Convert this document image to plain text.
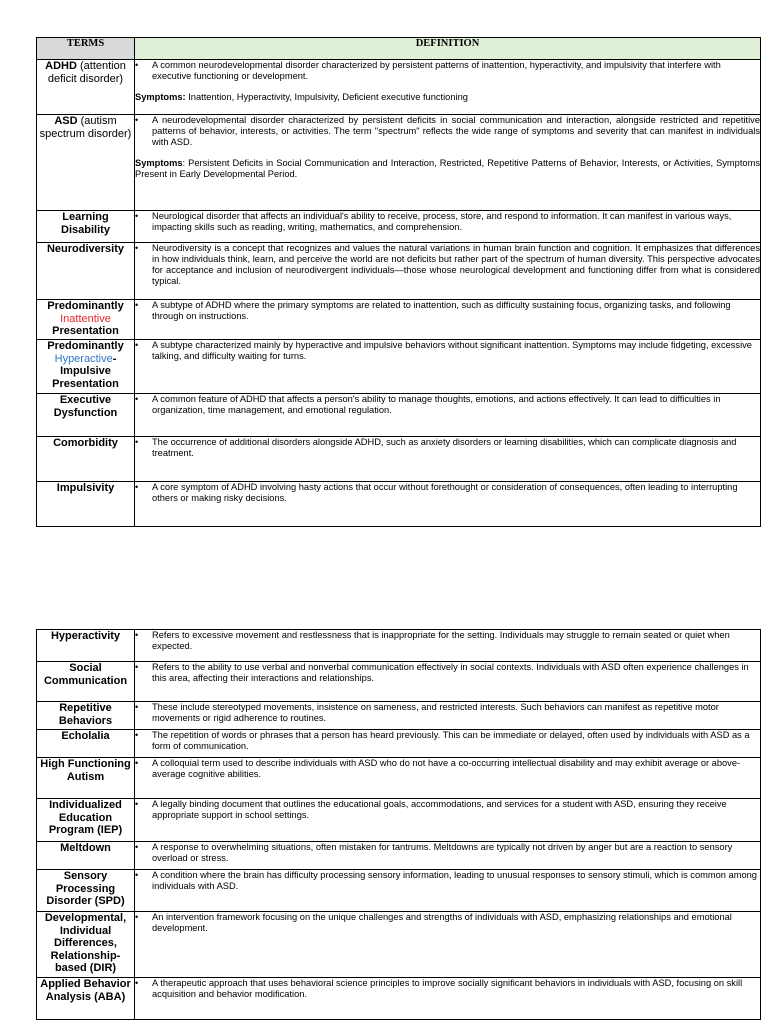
TERMS	DEFINITION
ADHD (attention deficit disorder)	• A common neurodevelopmental disorder characterized by persistent patterns of inattention, hyperactivity, and impulsivity that interfere with executive functioning or development.
Symptoms: Inattention, Hyperactivity, Impulsivity, Deficient executive functioning

ASD (autism spectrum disorder)	• A neurodevelopmental disorder characterized by persistent deficits in social communication and interaction, alongside restricted and repetitive patterns of behavior, interests, or activities. The term "spectrum" reflects the wide range of symptoms and severity that can manifest in individuals with ASD.
Symptoms: Persistent Deficits in Social Communication and Interaction, Restricted, Repetitive Patterns of Behavior, Interests, or Activities, Symptoms Present in Early Developmental Period.

Learning Disability	• Neurological disorder that affects an individual's ability to receive, process, store, and respond to information. It can manifest in various ways, impacting skills such as reading, writing, mathematics, and comprehension.

Neurodiversity	• Neurodiversity is a concept that recognizes and values the natural variations in human brain function and cognition. It emphasizes that differences in how individuals think, learn, and perceive the world are not deficits but rather part of the spectrum of human diversity. This perspective advocates for acceptance and inclusion of neurodivergent individuals—those whose neurological development and functioning differ from what is considered typical.

Predominantly
Inattentive
Presentation	• A subtype of ADHD where the primary symptoms are related to inattention, such as difficulty sustaining focus, organizing tasks, and following through on instructions.

Predominantly
Hyperactive-Impulsive Presentation	• A subtype characterized mainly by hyperactive and impulsive behaviors without significant inattention. Symptoms may include fidgeting, excessive talking, and difficulty waiting for turns.

Executive Dysfunction	• A common feature of ADHD that affects a person's ability to manage thoughts, emotions, and actions effectively. It can lead to difficulties in organization, time management, and emotional regulation.

Comorbidity	• The occurrence of additional disorders alongside ADHD, such as anxiety disorders or learning disabilities, which can complicate diagnosis and treatment.

Impulsivity	• A core symptom of ADHD involving hasty actions that occur without forethought or consideration of consequences, often leading to interrupting others or making risky decisions.
Hyperactivity	• Refers to excessive movement and restlessness that is inappropriate for the setting. Individuals may struggle to remain seated or quiet when expected.

Social Communication	• Refers to the ability to use verbal and nonverbal communication effectively in social contexts. Individuals with ASD often experience challenges in this area, affecting their interactions and relationships.

Repetitive Behaviors	• These include stereotyped movements, insistence on sameness, and restricted interests. Such behaviors can manifest as repetitive motor movements or rigid adherence to routines.

Echolalia	• The repetition of words or phrases that a person has heard previously. This can be immediate or delayed, often used by individuals with ASD as a form of communication.

High Functioning Autism	• A colloquial term used to describe individuals with ASD who do not have a co-occurring intellectual disability and may exhibit average or above-average cognitive abilities.

Individualized Education Program (IEP)	• A legally binding document that outlines the educational goals, accommodations, and services for a student with ASD, ensuring they receive appropriate support in school settings.

Meltdown	• A response to overwhelming situations, often mistaken for tantrums. Meltdowns are typically not driven by anger but are a reaction to sensory overload or stress.

Sensory Processing Disorder (SPD)	• A condition where the brain has difficulty processing sensory information, leading to unusual responses to sensory stimuli, which is common among individuals with ASD.

Developmental, Individual Differences, Relationship-based (DIR)	• An intervention framework focusing on the unique challenges and strengths of individuals with ASD, emphasizing relationships and emotional development.

Applied Behavior Analysis (ABA)	• A therapeutic approach that uses behavioral science principles to improve socially significant behaviors in individuals with ASD, focusing on skill acquisition and behavior modification.
